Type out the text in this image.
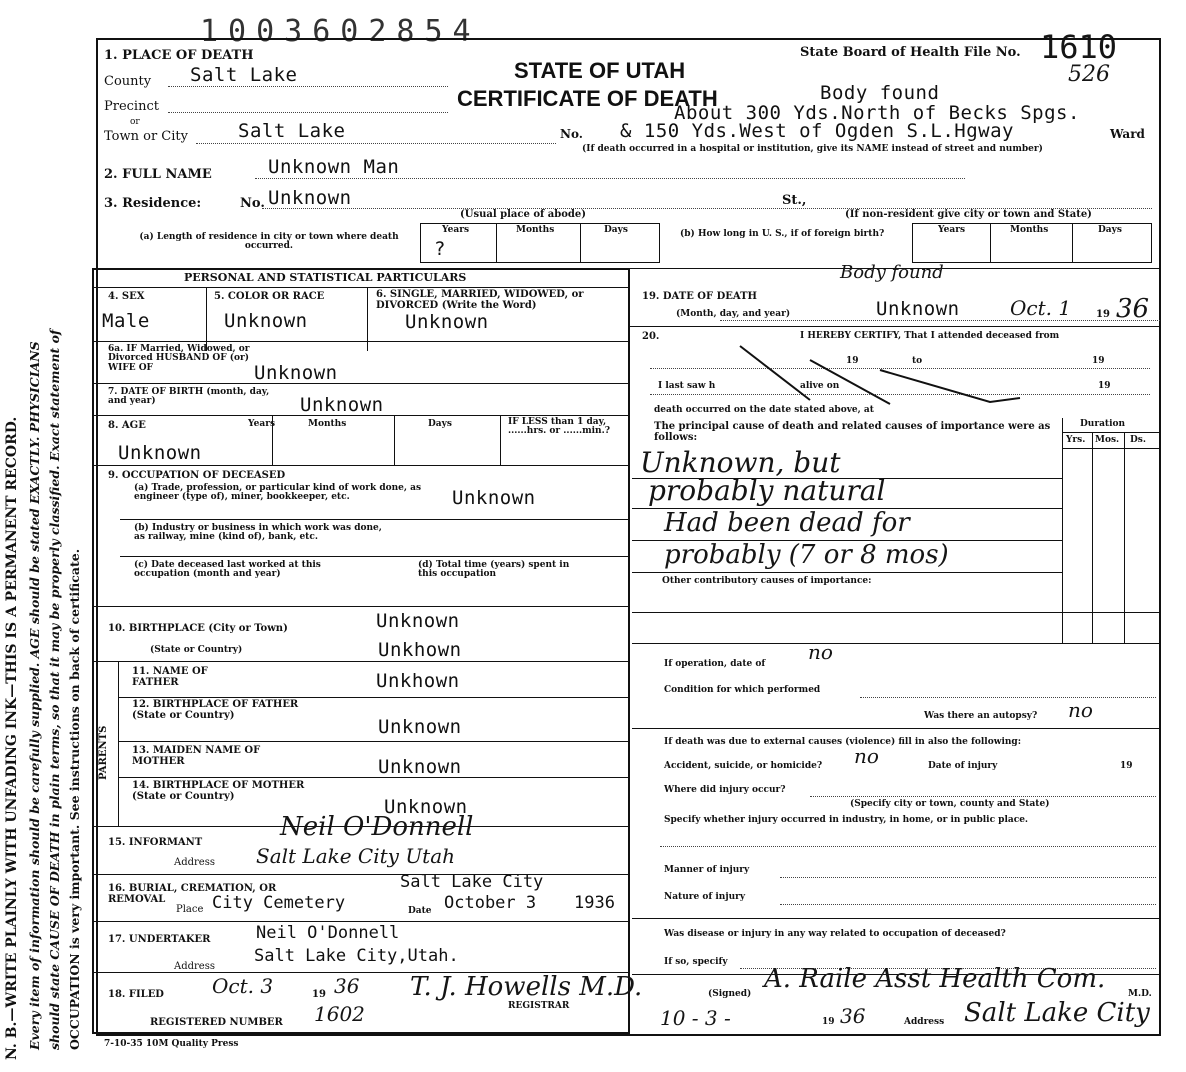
1003602854
N. B.—WRITE PLAINLY WITH UNFADING INK—THIS IS A PERMANENT RECORD. Every item of information should be carefully supplied. AGE should be stated EXACTLY. PHYSICIANS should state CAUSE OF DEATH in plain terms, so that it may be properly classified. Exact statement of OCCUPATION is very important. See instructions on back of certificate.
1. PLACE OF DEATH
STATE OF UTAH
CERTIFICATE OF DEATH
State Board of Health File No. 1610
526
County Salt Lake
Precinct
or
Town or City	Salt Lake
Body found
About 300 Yds.North of Becks Spgs.
No. & 150 Yds.West of Ogden S.L.Hgway	Ward
(If death occurred in a hospital or institution, give its NAME instead of street and number)
2. FULL NAME	Unknown Man
3. Residence:	No. Unknown	St.,
(Usual place of abode)	(If non-resident give city or town and State)
(a) Length of residence in city or town where death occurred.
Years	Months	Days
?
(b) How long in U. S., if of foreign birth?	Years	Months	Days
PERSONAL AND STATISTICAL PARTICULARS
4. SEX
Male
5. COLOR OR RACE
Unknown
6. SINGLE, MARRIED, WIDOWED, or DIVORCED (Write the Word)
Unknown
6a. IF Married, Widowed, or Divorced HUSBAND OF (or) WIFE OF	Unknown
7. DATE OF BIRTH (month, day, and year)	Unknown
8. AGE	Years	Months	Days
Unknown
IF LESS than 1 day, ......hrs. or ......min.?
9. OCCUPATION OF DECEASED
(a) Trade, profession, or particular kind of work done, as engineer (type of), miner, bookkeeper, etc.	Unknown
(b) Industry or business in which work was done, as railway, mine (kind of), bank, etc.
(c) Date deceased last worked at this occupation (month and year)
(d) Total time (years) spent in this occupation
10. BIRTHPLACE (City or Town)	Unknown
(State or Country)	Unkhown
PARENTS
11. NAME OF FATHER	Unkhown
12. BIRTHPLACE OF FATHER (State or Country)
Unknown
13. MAIDEN NAME OF MOTHER	Unknown
14. BIRTHPLACE OF MOTHER (State or Country)	Unknown
15. INFORMANT
Neil O'Donnell
Address Salt Lake City Utah
16. BURIAL, CREMATION, OR REMOVAL
Salt Lake City
Place City Cemetery	Date October 3 1936
17. UNDERTAKER	Neil O'Donnell
Address
Salt Lake City,Utah.
18. FILED Oct. 3	19 36 T. J. Howells M.D.
REGISTRAR
REGISTERED NUMBER 1602
Body found
19. DATE OF DEATH
(Month, day, and year)	Unknown	Oct. 1 19 36
20.	I HEREBY CERTIFY, That I attended deceased from
19	to	19
I last saw h	alive on	19
death occurred on the date stated above, at
The principal cause of death and related causes of importance were as follows:
Duration
Yrs. Mos. Ds.
Unknown, but
probably natural
Had been dead for
probably (7 or 8 mos)
Other contributory causes of importance:
If operation, date of no
Condition for which performed
Was there an autopsy? no
If death was due to external causes (violence) fill in also the following:
Accident, suicide, or homicide? no	Date of injury	19
Where did injury occur?
(Specify city or town, county and State)
Specify whether injury occurred in industry, in home, or in public place.
Manner of injury
Nature of injury
Was disease or injury in any way related to occupation of deceased?
If so, specify
(Signed) A. Raile Asst Health Com.	M.D.
10 - 3 -	19 36	Address Salt Lake City
7-10-35 10M Quality Press
